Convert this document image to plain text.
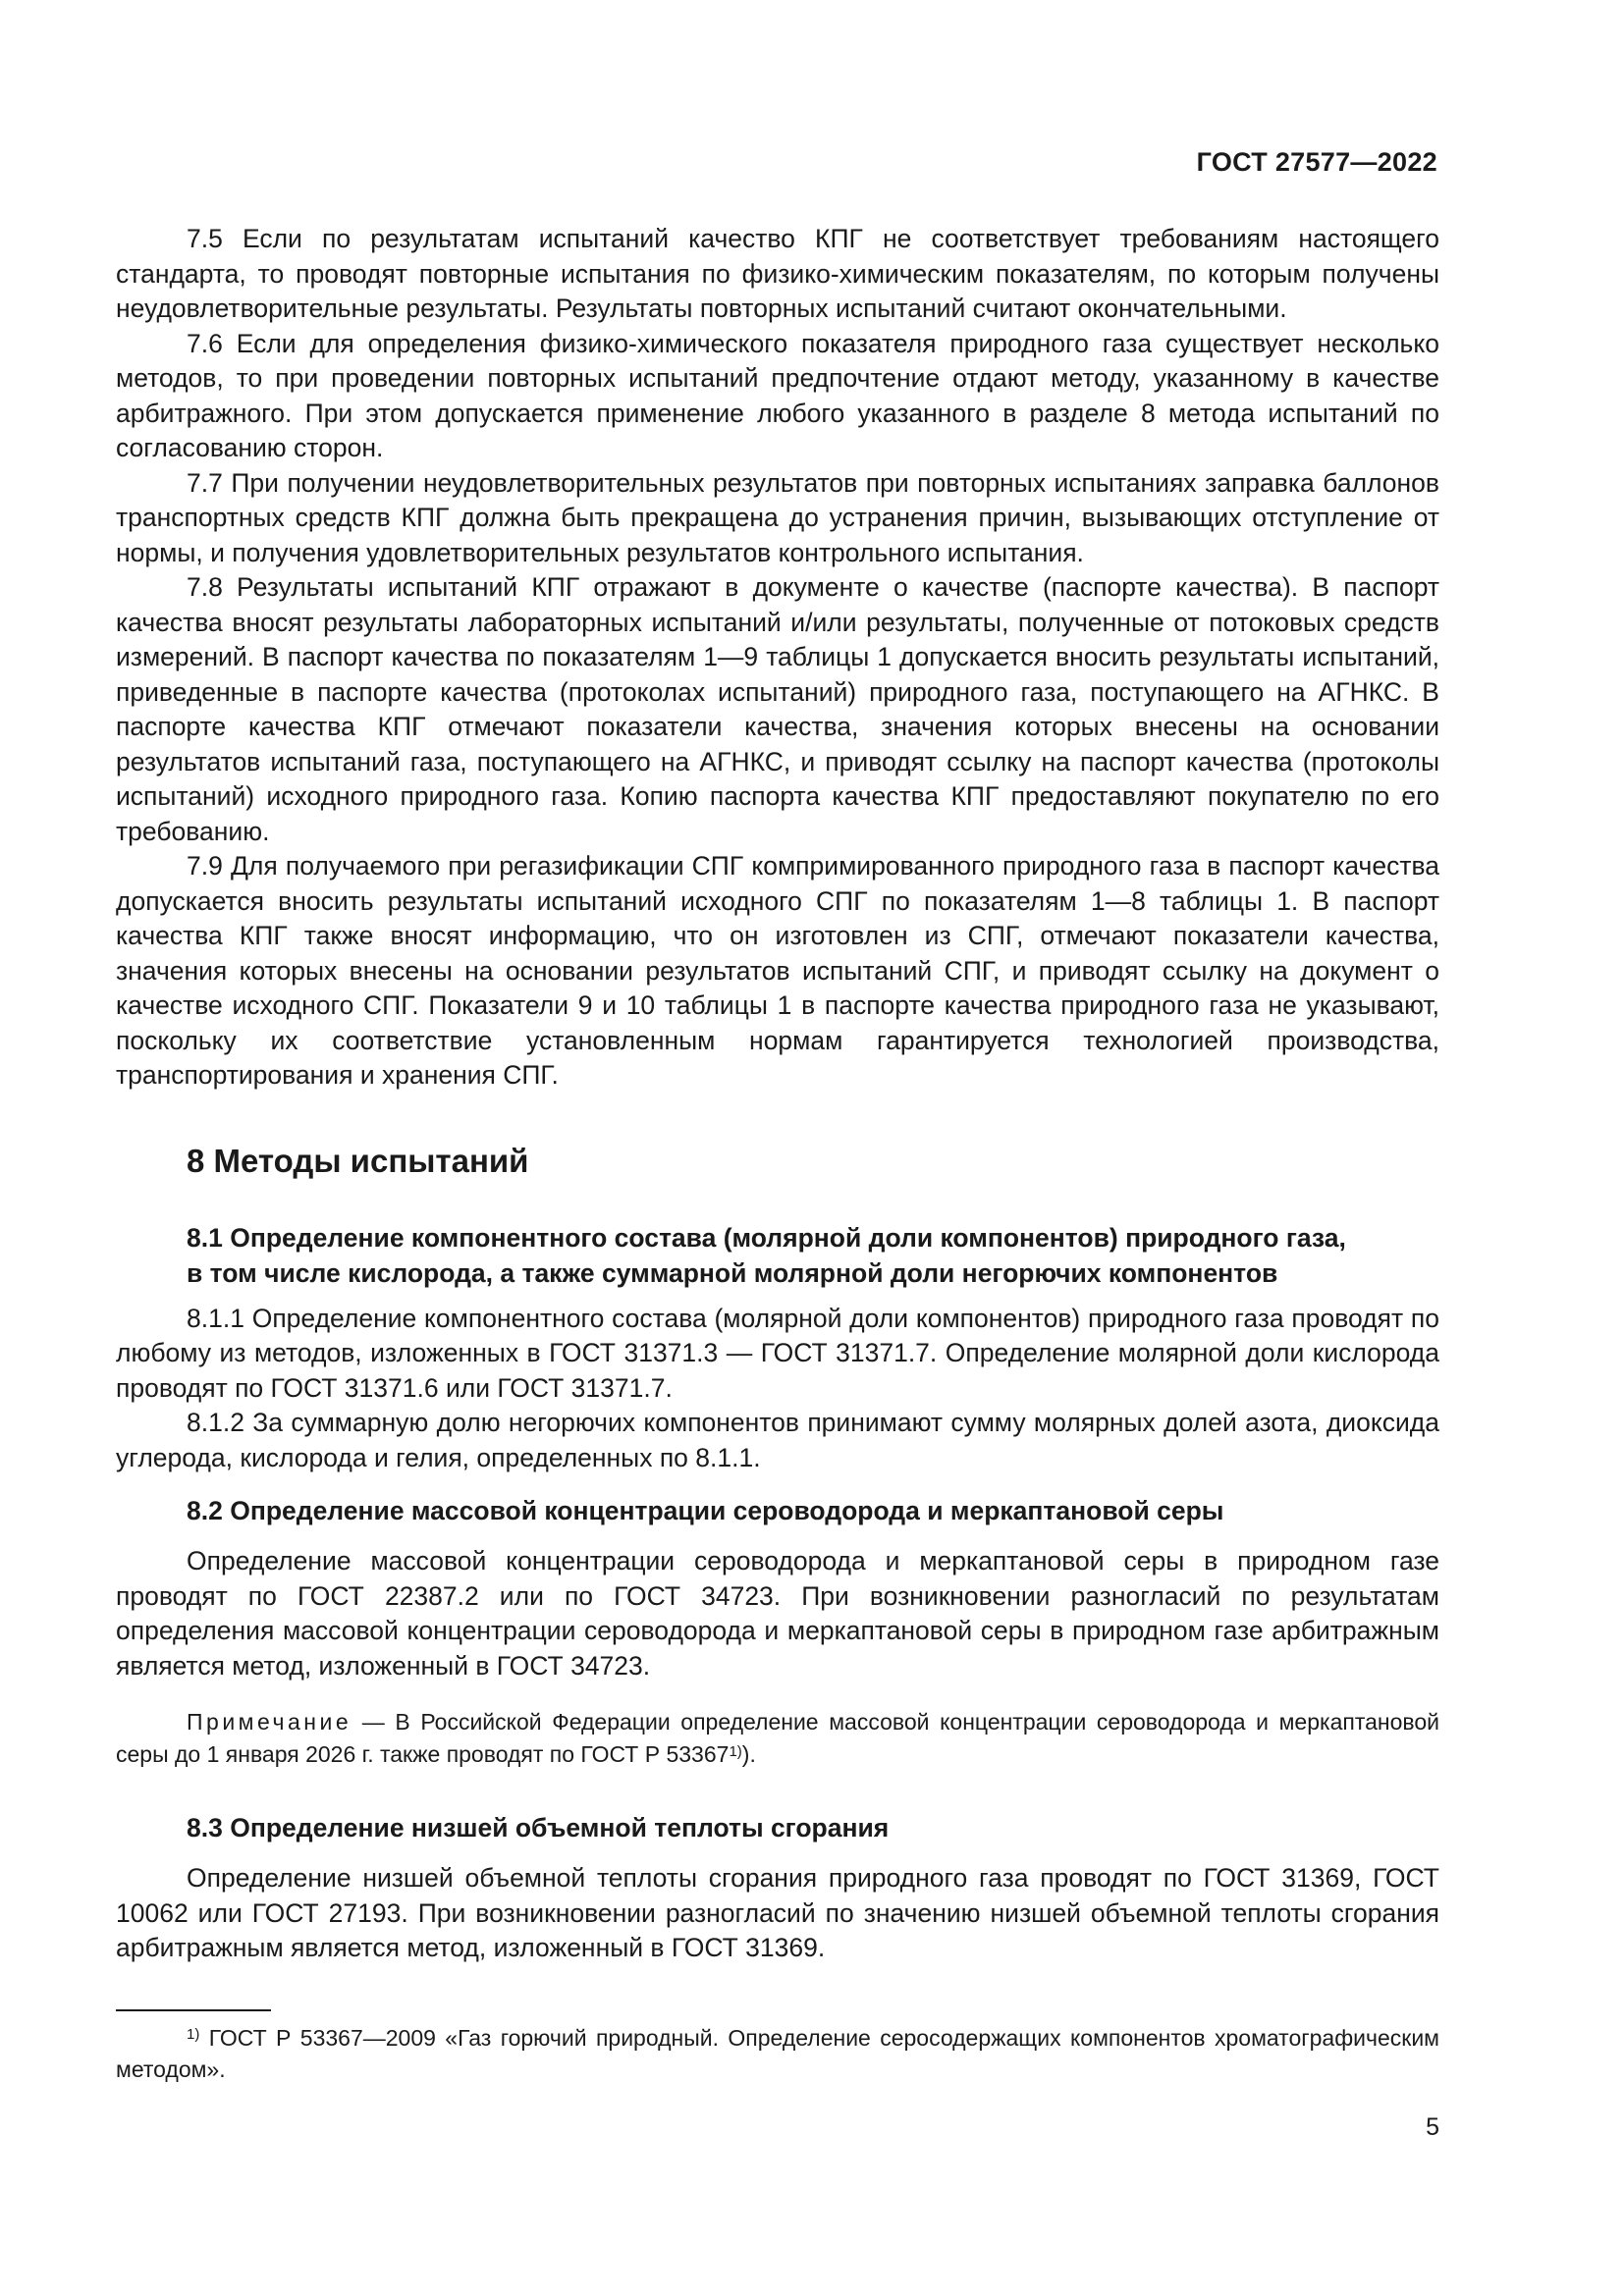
ГОСТ 27577—2022

7.5 Если по результатам испытаний качество КПГ не соответствует требованиям настоящего стандарта, то проводят повторные испытания по физико-химическим показателям, по которым получены неудовлетворительные результаты. Результаты повторных испытаний считают окончательными.

7.6 Если для определения физико-химического показателя природного газа существует несколько методов, то при проведении повторных испытаний предпочтение отдают методу, указанному в качестве арбитражного. При этом допускается применение любого указанного в разделе 8 метода испытаний по согласованию сторон.

7.7 При получении неудовлетворительных результатов при повторных испытаниях заправка баллонов транспортных средств КПГ должна быть прекращена до устранения причин, вызывающих отступление от нормы, и получения удовлетворительных результатов контрольного испытания.

7.8 Результаты испытаний КПГ отражают в документе о качестве (паспорте качества). В паспорт качества вносят результаты лабораторных испытаний и/или результаты, полученные от потоковых средств измерений. В паспорт качества по показателям 1—9 таблицы 1 допускается вносить результаты испытаний, приведенные в паспорте качества (протоколах испытаний) природного газа, поступающего на АГНКС. В паспорте качества КПГ отмечают показатели качества, значения которых внесены на основании результатов испытаний газа, поступающего на АГНКС, и приводят ссылку на паспорт качества (протоколы испытаний) исходного природного газа. Копию паспорта качества КПГ предоставляют покупателю по его требованию.

7.9 Для получаемого при регазификации СПГ компримированного природного газа в паспорт качества допускается вносить результаты испытаний исходного СПГ по показателям 1—8 таблицы 1. В паспорт качества КПГ также вносят информацию, что он изготовлен из СПГ, отмечают показатели качества, значения которых внесены на основании результатов испытаний СПГ, и приводят ссылку на документ о качестве исходного СПГ. Показатели 9 и 10 таблицы 1 в паспорте качества природного газа не указывают, поскольку их соответствие установленным нормам гарантируется технологией производства, транспортирования и хранения СПГ.

8 Методы испытаний
8.1 Определение компонентного состава (молярной доли компонентов) природного газа,
в том числе кислорода, а также суммарной молярной доли негорючих компонентов

8.1.1 Определение компонентного состава (молярной доли компонентов) природного газа проводят по любому из методов, изложенных в ГОСТ 31371.3 — ГОСТ 31371.7. Определение молярной доли кислорода проводят по ГОСТ 31371.6 или ГОСТ 31371.7.

8.1.2 За суммарную долю негорючих компонентов принимают сумму молярных долей азота, диоксида углерода, кислорода и гелия, определенных по 8.1.1.

8.2 Определение массовой концентрации сероводорода и меркаптановой серы

Определение массовой концентрации сероводорода и меркаптановой серы в природном газе проводят по ГОСТ 22387.2 или по ГОСТ 34723. При возникновении разногласий по результатам определения массовой концентрации сероводорода и меркаптановой серы в природном газе арбитражным является метод, изложенный в ГОСТ 34723.

Примечание — В Российской Федерации определение массовой концентрации сероводорода и меркаптановой серы до 1 января 2026 г. также проводят по ГОСТ Р 53367$^{1)}$).

8.3 Определение низшей объемной теплоты сгорания

Определение низшей объемной теплоты сгорания природного газа проводят по ГОСТ 31369, ГОСТ 10062 или ГОСТ 27193. При возникновении разногласий по значению низшей объемной теплоты сгорания арбитражным является метод, изложенный в ГОСТ 31369.

$^{1)}$ ГОСТ Р 53367—2009 «Газ горючий природный. Определение серосодержащих компонентов хроматографическим методом».
5
